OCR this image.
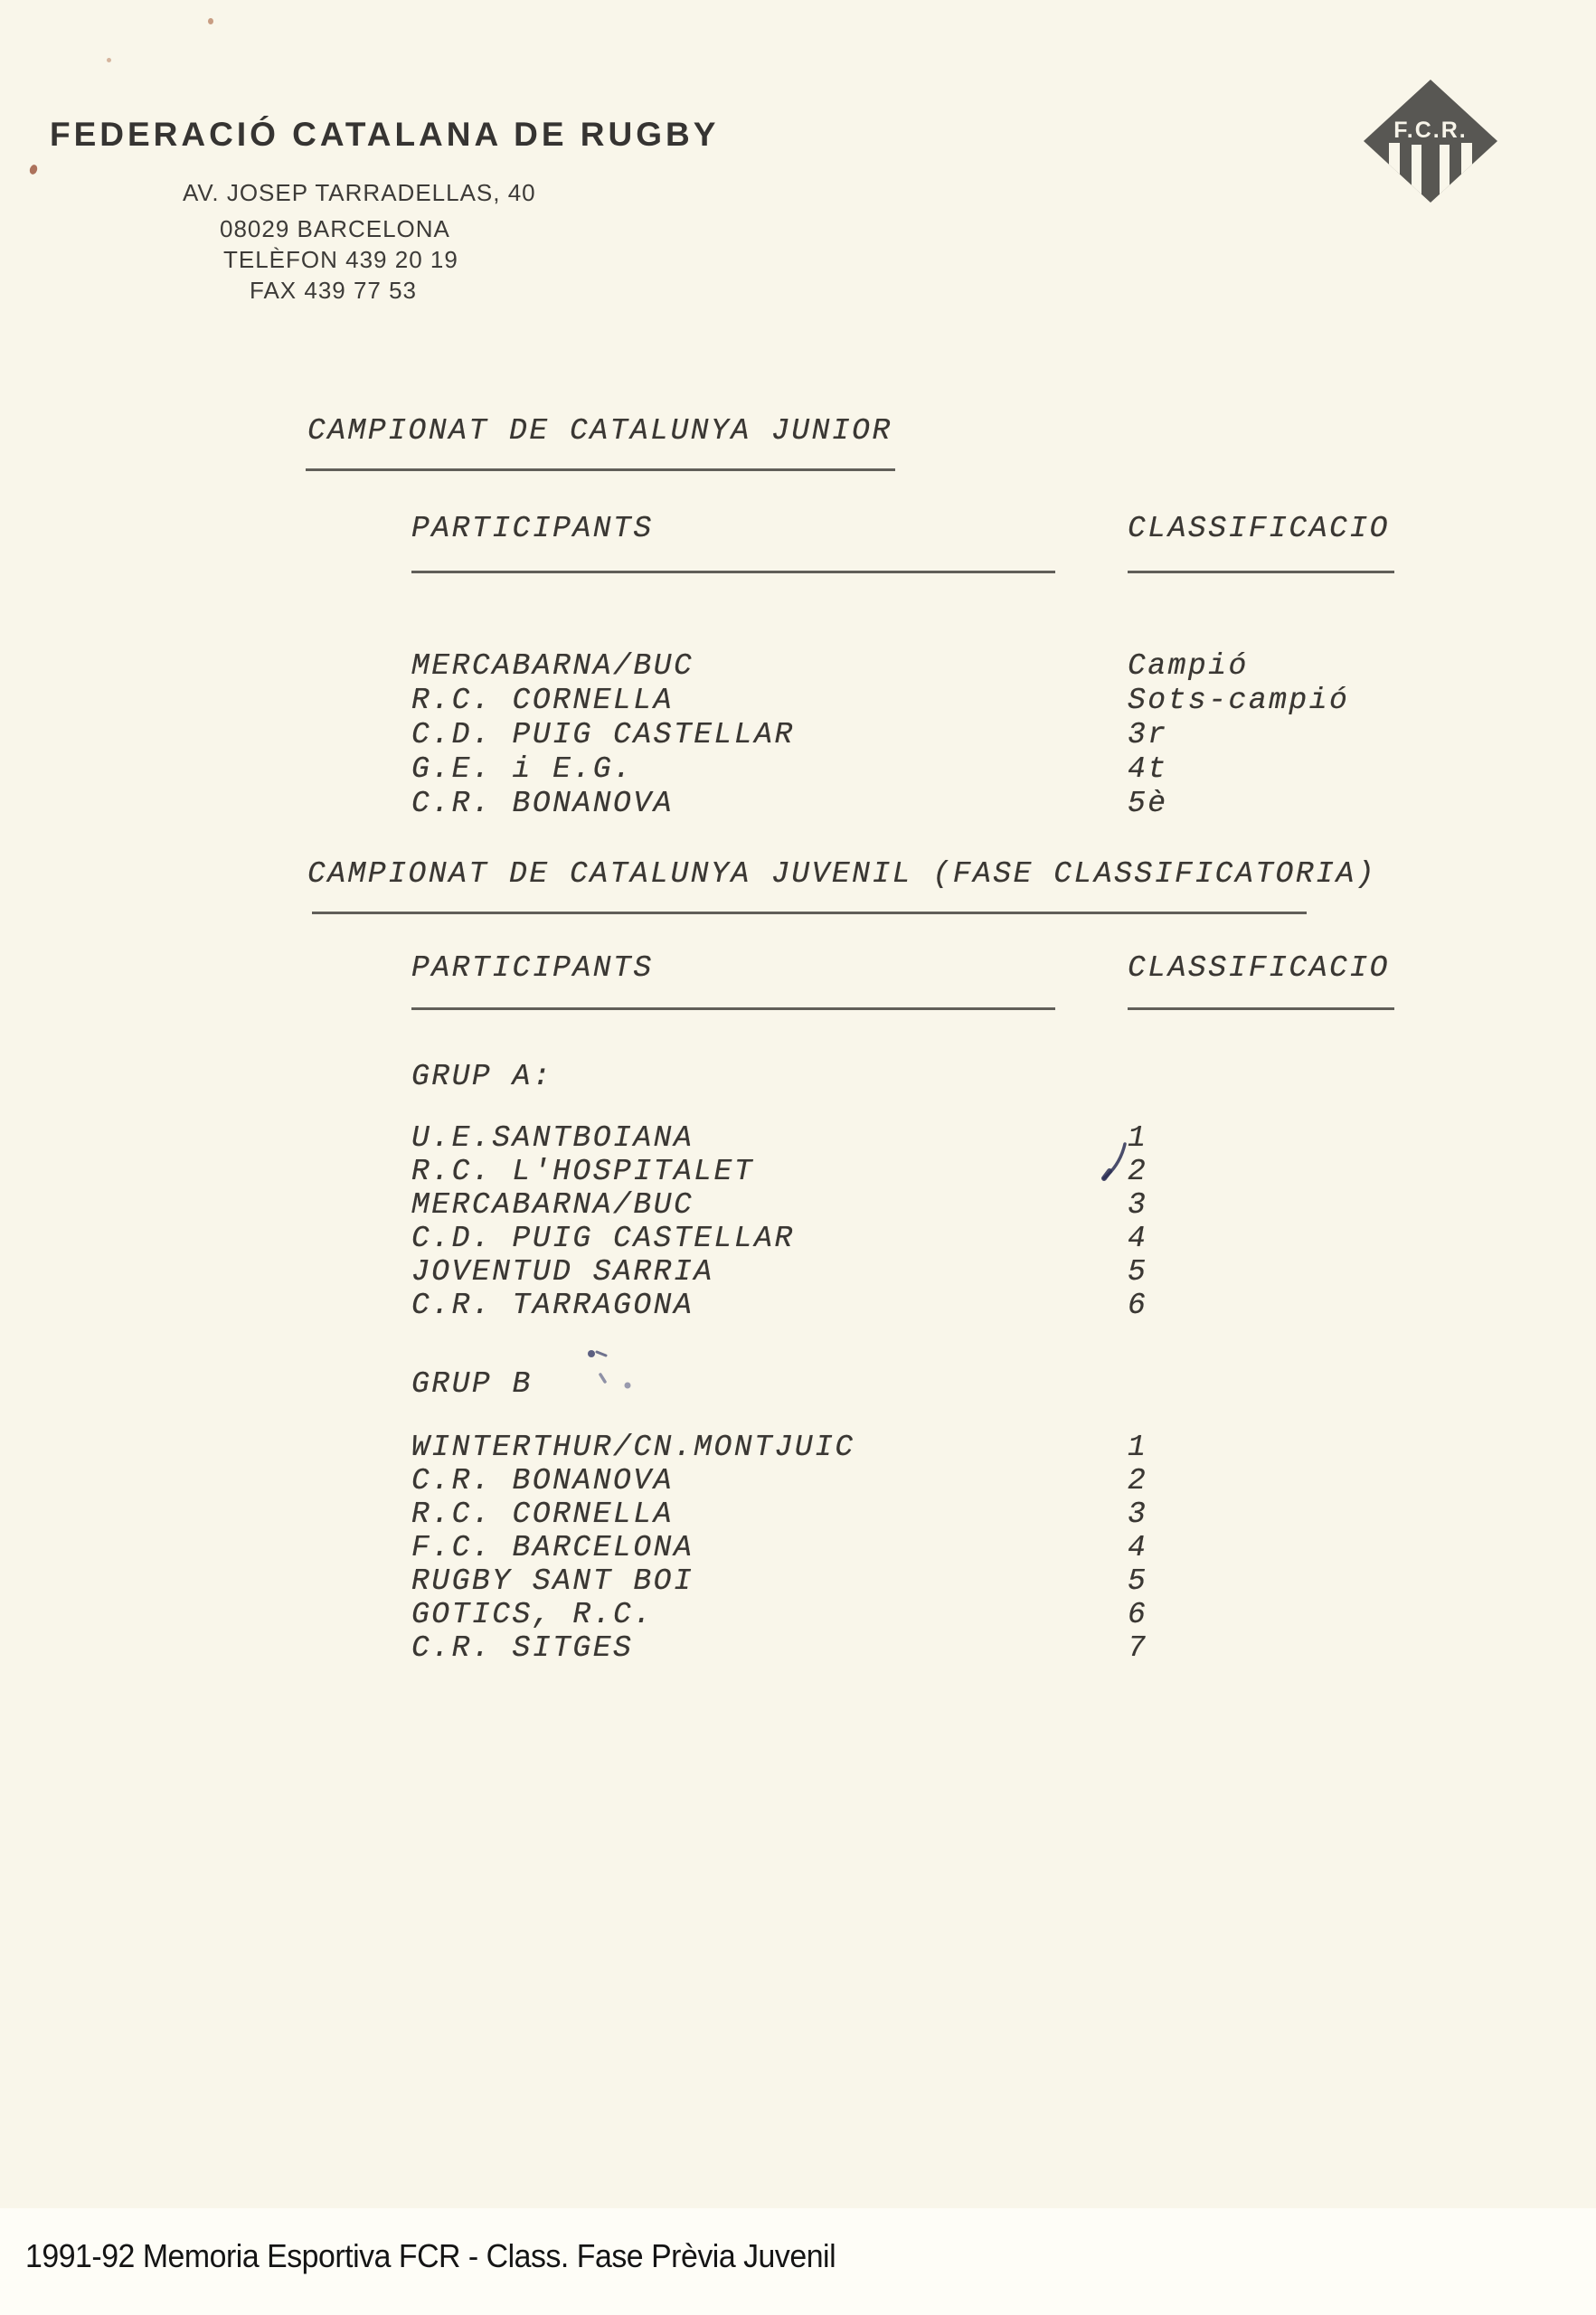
FEDERACIÓ CATALANA DE RUGBY
AV. JOSEP TARRADELLAS, 40
08029 BARCELONA
TELÈFON 439 20 19
FAX 439 77 53
F.C.R.
CAMPIONAT DE CATALUNYA JUNIOR
PARTICIPANTS	CLASSIFICACIO
MERCABARNA/BUC	Campió
R.C. CORNELLA	Sots-campió
C.D. PUIG CASTELLAR	3r
G.E. i E.G.	4t
C.R. BONANOVA	5è
CAMPIONAT DE CATALUNYA JUVENIL (FASE CLASSIFICATORIA)
PARTICIPANTS	CLASSIFICACIO
GRUP A:
U.E.SANTBOIANA	1
R.C. L'HOSPITALET	2
MERCABARNA/BUC	3
C.D. PUIG CASTELLAR	4
JOVENTUD SARRIA	5
C.R. TARRAGONA	6
GRUP B
WINTERTHUR/CN.MONTJUIC	1
C.R. BONANOVA	2
R.C. CORNELLA	3
F.C. BARCELONA	4
RUGBY SANT BOI	5
GOTICS, R.C.	6
C.R. SITGES	7
1991-92 Memoria Esportiva FCR - Class. Fase Prèvia Juvenil
